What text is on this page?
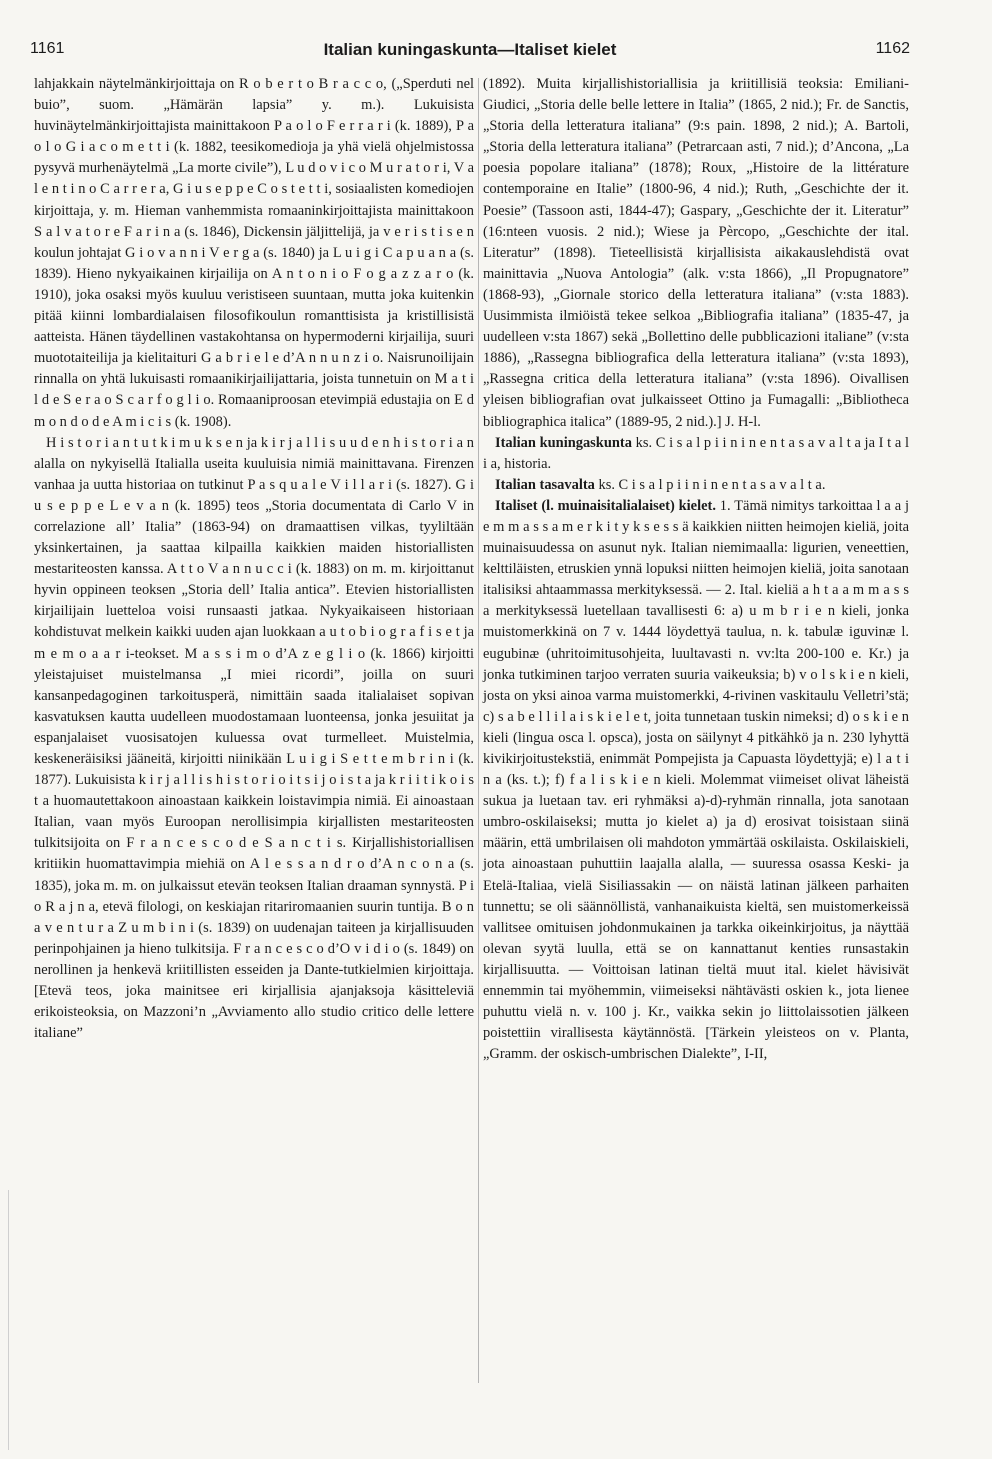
1161	Italian kuningaskunta—Italiset kielet	1162

lahjakkain näytelmänkirjoittaja on R o b e r t o B r a c c o, („Sperduti nel buio”, suom. „Hämärän lapsia” y. m.). Lukuisista huvinäytelmänkirjoittajista mainittakoon P a o l o F e r r a r i (k. 1889), P a o l o G i a c o m e t t i (k. 1882, teesikomedioja ja yhä vielä ohjelmistossa pysyvä murhenäytelmä „La morte civile”), L u d o v i c o M u r a t o r i, V a l e n t i n o C a r r e r a, G i u s e p p e C o s t e t t i, sosiaalisten komediojen kirjoittaja, y. m. Hieman vanhemmista romaaninkirjoittajista mainittakoon S a l v a t o r e F a r i n a (s. 1846), Dickensin jäljittelijä, ja v e r i s t i s e n koulun johtajat G i o v a n n i V e r g a (s. 1840) ja L u i g i C a p u a n a (s. 1839). Hieno nykyaikainen kirjailija on A n t o n i o F o g a z z a r o (k. 1910), joka osaksi myös kuuluu veristiseen suuntaan, mutta joka kuitenkin pitää kiinni lombardialaisen filosofikoulun romanttisista ja kristillisistä aatteista. Hänen täydellinen vastakohtansa on hypermoderni kirjailija, suuri muototaiteilija ja kielitaituri G a b r i e l e d’A n n u n z i o. Naisrunoilijain rinnalla on yhtä lukuisasti romaanikirjailijattaria, joista tunnetuin on M a t i l d e S e r a o S c a r f o g l i o. Romaaniproosan etevimpiä edustajia on E d m o n d o d e A m i c i s (k. 1908).

H i s t o r i a n t u t k i m u k s e n ja k i r j a l l i s u u d e n h i s t o r i a n alalla on nykyisellä Italialla useita kuuluisia nimiä mainittavana. Firenzen vanhaa ja uutta historiaa on tutkinut P a s q u a l e V i l l a r i (s. 1827). G i u s e p p e L e v a n (k. 1895) teos „Storia documentata di Carlo V in correlazione all’ Italia” (1863-94) on dramaattisen vilkas, tyyliltään yksinkertainen, ja saattaa kilpailla kaikkien maiden historiallisten mestariteosten kanssa. A t t o V a n n u c c i (k. 1883) on m. m. kirjoittanut hyvin oppineen teoksen „Storia dell’ Italia antica”. Etevien historiallisten kirjailijain luetteloa voisi runsaasti jatkaa. Nykyaikaiseen historiaan kohdistuvat melkein kaikki uuden ajan luokkaan a u t o b i o g r a f i s e t ja m e m o a a r i-teokset. M a s s i m o d’A z e g l i o (k. 1866) kirjoitti yleistajuiset muistelmansa „I miei ricordi”, joilla on suuri kansanpedagoginen tarkoitusperä, nimittäin saada italialaiset sopivan kasvatuksen kautta uudelleen muodostamaan luonteensa, jonka jesuiitat ja espanjalaiset vuosisatojen kuluessa ovat turmelleet. Muistelmia, keskeneräisiksi jääneitä, kirjoitti niinikään L u i g i S e t t e m b r i n i (k. 1877). Lukuisista k i r j a l l i s h i s t o r i o i t s i j o i s t a ja k r i i t i k o i s t a huomautettakoon ainoastaan kaikkein loistavimpia nimiä. Ei ainoastaan Italian, vaan myös Euroopan nerollisimpia kirjallisten mestariteosten tulkitsijoita on F r a n c e s c o d e S a n c t i s. Kirjallishistoriallisen kritiikin huomattavimpia miehiä on A l e s s a n d r o d’A n c o n a (s. 1835), joka m. m. on julkaissut etevän teoksen Italian draaman synnystä. P i o R a j n a, etevä filologi, on keskiajan ritariromaanien suurin tuntija. B o n a v e n t u r a Z u m b i n i (s. 1839) on uudenajan taiteen ja kirjallisuuden perinpohjainen ja hieno tulkitsija. F r a n c e s c o d’O v i d i o (s. 1849) on nerollinen ja henkevä kriitillisten esseiden ja Dante-tutkielmien kirjoittaja. [Etevä teos, joka mainitsee eri kirjallisia ajanjaksoja käsitteleviä erikoisteoksia, on Mazzoni’n „Avviamento allo studio critico delle lettere italiane”

(1892). Muita kirjallishistoriallisia ja kriitillisiä teoksia: Emiliani-Giudici, „Storia delle belle lettere in Italia” (1865, 2 nid.); Fr. de Sanctis, „Storia della letteratura italiana” (9:s pain. 1898, 2 nid.); A. Bartoli, „Storia della letteratura italiana” (Petrarcaan asti, 7 nid.); d’Ancona, „La poesia popolare italiana” (1878); Roux, „Histoire de la littérature contemporaine en Italie” (1800-96, 4 nid.); Ruth, „Geschichte der it. Poesie” (Tassoon asti, 1844-47); Gaspary, „Geschichte der it. Literatur” (16:nteen vuosis. 2 nid.); Wiese ja Pèrcopo, „Geschichte der ital. Literatur” (1898). Tieteellisistä kirjallisista aikakauslehdistä ovat mainittavia „Nuova Antologia” (alk. v:sta 1866), „Il Propugnatore” (1868-93), „Giornale storico della letteratura italiana” (v:sta 1883). Uusimmista ilmiöistä tekee selkoa „Bibliografia italiana” (1835-47, ja uudelleen v:sta 1867) sekä „Bollettino delle pubblicazioni italiane” (v:sta 1886), „Rassegna bibliografica della letteratura italiana” (v:sta 1893), „Rassegna critica della letteratura italiana” (v:sta 1896). Oivallisen yleisen bibliografian ovat julkaisseet Ottino ja Fumagalli: „Bibliotheca bibliographica italica” (1889-95, 2 nid.).] J. H-l.

Italian kuningaskunta ks. C i s a l p i i n i n e n t a s a v a l t a ja I t a l i a, historia.

Italian tasavalta ks. C i s a l p i i n i n e n t a s a v a l t a.

Italiset (l. muinaisitalialaiset) kielet. 1. Tämä nimitys tarkoittaa l a a j e m m a s s a m e r k i t y k s e s s ä kaikkien niitten heimojen kieliä, joita muinaisuudessa on asunut nyk. Italian niemimaalla: ligurien, veneettien, kelttiläisten, etruskien ynnä lopuksi niitten heimojen kieliä, joita sanotaan italisiksi ahtaammassa merkityksessä. — 2. Ital. kieliä a h t a a m m a s s a merkityksessä luetellaan tavallisesti 6: a) u m b r i e n kieli, jonka muistomerkkinä on 7 v. 1444 löydettyä taulua, n. k. tabulæ iguvinæ l. eugubinæ (uhritoimitusohjeita, luultavasti n. vv:lta 200-100 e. Kr.) ja jonka tutkiminen tarjoo verraten suuria vaikeuksia; b) v o l s k i e n kieli, josta on yksi ainoa varma muistomerkki, 4-rivinen vaskitaulu Velletri’stä; c) s a b e l l i l a i s k i e l e t, joita tunnetaan tuskin nimeksi; d) o s k i e n kieli (lingua osca l. opsca), josta on säilynyt 4 pitkähkö ja n. 230 lyhyttä kivikirjoitustekstiä, enimmät Pompejista ja Capuasta löydettyjä; e) l a t i n a (ks. t.); f) f a l i s k i e n kieli. Molemmat viimeiset olivat läheistä sukua ja luetaan tav. eri ryhmäksi a)-d)-ryhmän rinnalla, jota sanotaan umbro-oskilaiseksi; mutta jo kielet a) ja d) erosivat toisistaan siinä määrin, että umbrilaisen oli mahdoton ymmärtää oskilaista. Oskilaiskieli, jota ainoastaan puhuttiin laajalla alalla, — suuressa osassa Keski- ja Etelä-Italiaa, vielä Sisiliassakin — on näistä latinan jälkeen parhaiten tunnettu; se oli säännöllistä, vanhanaikuista kieltä, sen muistomerkeissä vallitsee omituisen johdonmukainen ja tarkka oikeinkirjoitus, ja näyttää olevan syytä luulla, että se on kannattanut kenties runsastakin kirjallisuutta. — Voittoisan latinan tieltä muut ital. kielet hävisivät ennemmin tai myöhemmin, viimeiseksi nähtävästi oskien k., jota lienee puhuttu vielä n. v. 100 j. Kr., vaikka sekin jo liittolaissotien jälkeen poistettiin virallisesta käytännöstä. [Tärkein yleisteos on v. Planta, „Gramm. der oskisch-umbrischen Dialekte”, I-II,
